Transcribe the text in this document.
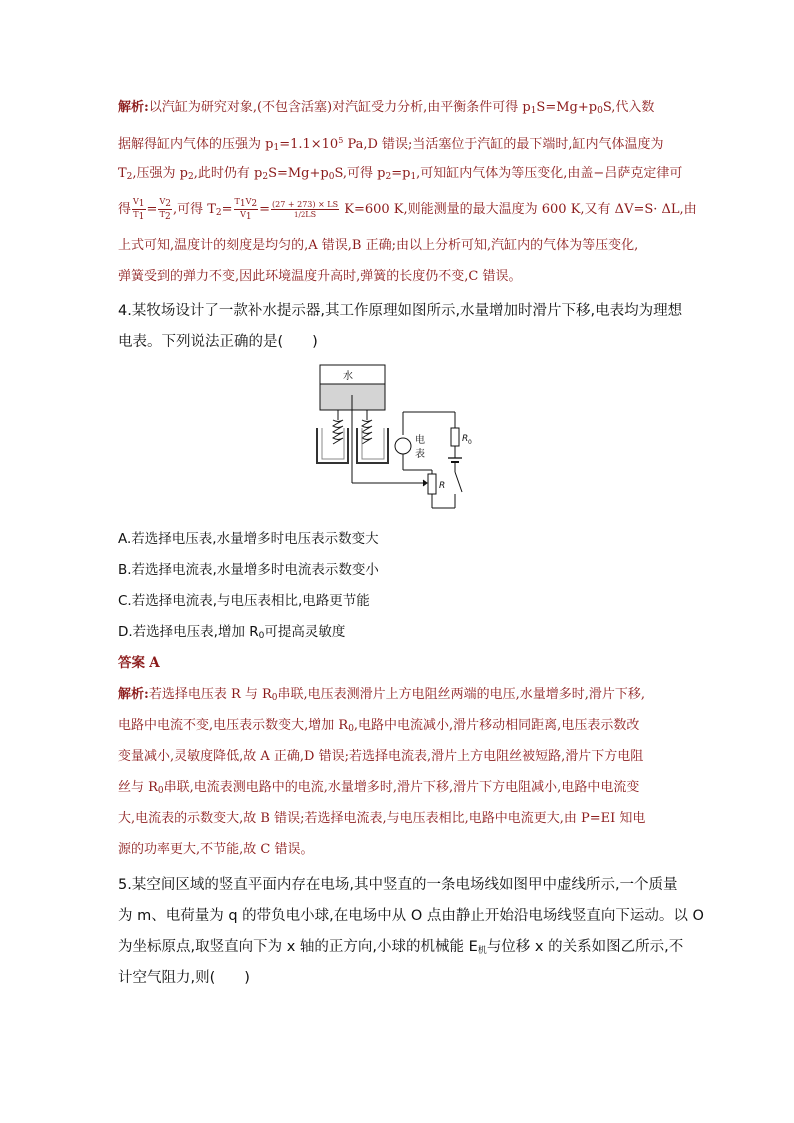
解析:以汽缸为研究对象,(不包含活塞)对汽缸受力分析,由平衡条件可得 $p_1S=Mg+p_0S$,代入数
据解得缸内气体的压强为 $p_1=1.1\times 10^5$ Pa,D 错误;当活塞位于汽缸的最下端时,缸内气体温度为
$T_2$,压强为 $p_2$,此时仍有 $p_2S=Mg+p_0S$,可得 $p_2=p_1$,可知缸内气体为等压变化,由盖−吕萨克定律可
得 $\frac{V1}{T1} = \frac{V2}{T2}$ ,可得 $T_2= \frac{T1V2}{V1} = \frac{(27 + 273) \times LS}{1/2LS} K=600$ K,则能测量的最大温度为 600 K,又有 ΔV=S· ΔL,由
上式可知,温度计的刻度是均匀的,A 错误,B 正确;由以上分析可知,汽缸内的气体为等压变化,
弹簧受到的弹力不变,因此环境温度升高时,弹簧的长度仍不变,C 错误。
4.某牧场设计了一款补水提示器,其工作原理如图所示,水量增加时滑片下移,电表均为理想
电表。下列说法正确的是(　　)
水
电
表
R 0
R
A.若选择电压表,水量增多时电压表示数变大
B.若选择电流表,水量增多时电流表示数变小
C.若选择电流表,与电压表相比,电路更节能
D.若选择电压表,增加 $R_0$可提高灵敏度
答案 A
解析:若选择电压表 R 与 $R_0$串联,电压表测滑片上方电阻丝两端的电压,水量增多时,滑片下移,
电路中电流不变,电压表示数变大,增加 $R_0$,电路中电流减小,滑片移动相同距离,电压表示数改
变量减小,灵敏度降低,故 A 正确,D 错误;若选择电流表,滑片上方电阻丝被短路,滑片下方电阻
丝与 $R_0$串联,电流表测电路中的电流,水量增多时,滑片下移,滑片下方电阻减小,电路中电流变
大,电流表的示数变大,故 B 错误;若选择电流表,与电压表相比,电路中电流更大,由 P=EI 知电
源的功率更大,不节能,故 C 错误。
5.某空间区域的竖直平面内存在电场,其中竖直的一条电场线如图甲中虚线所示,一个质量
为 m、电荷量为 q 的带负电小球,在电场中从 O 点由静止开始沿电场线竖直向下运动。以 O
为坐标原点,取竖直向下为 x 轴的正方向,小球的机械能 $E_机$与位移 x 的关系如图乙所示,不
计空气阻力,则(　　)
